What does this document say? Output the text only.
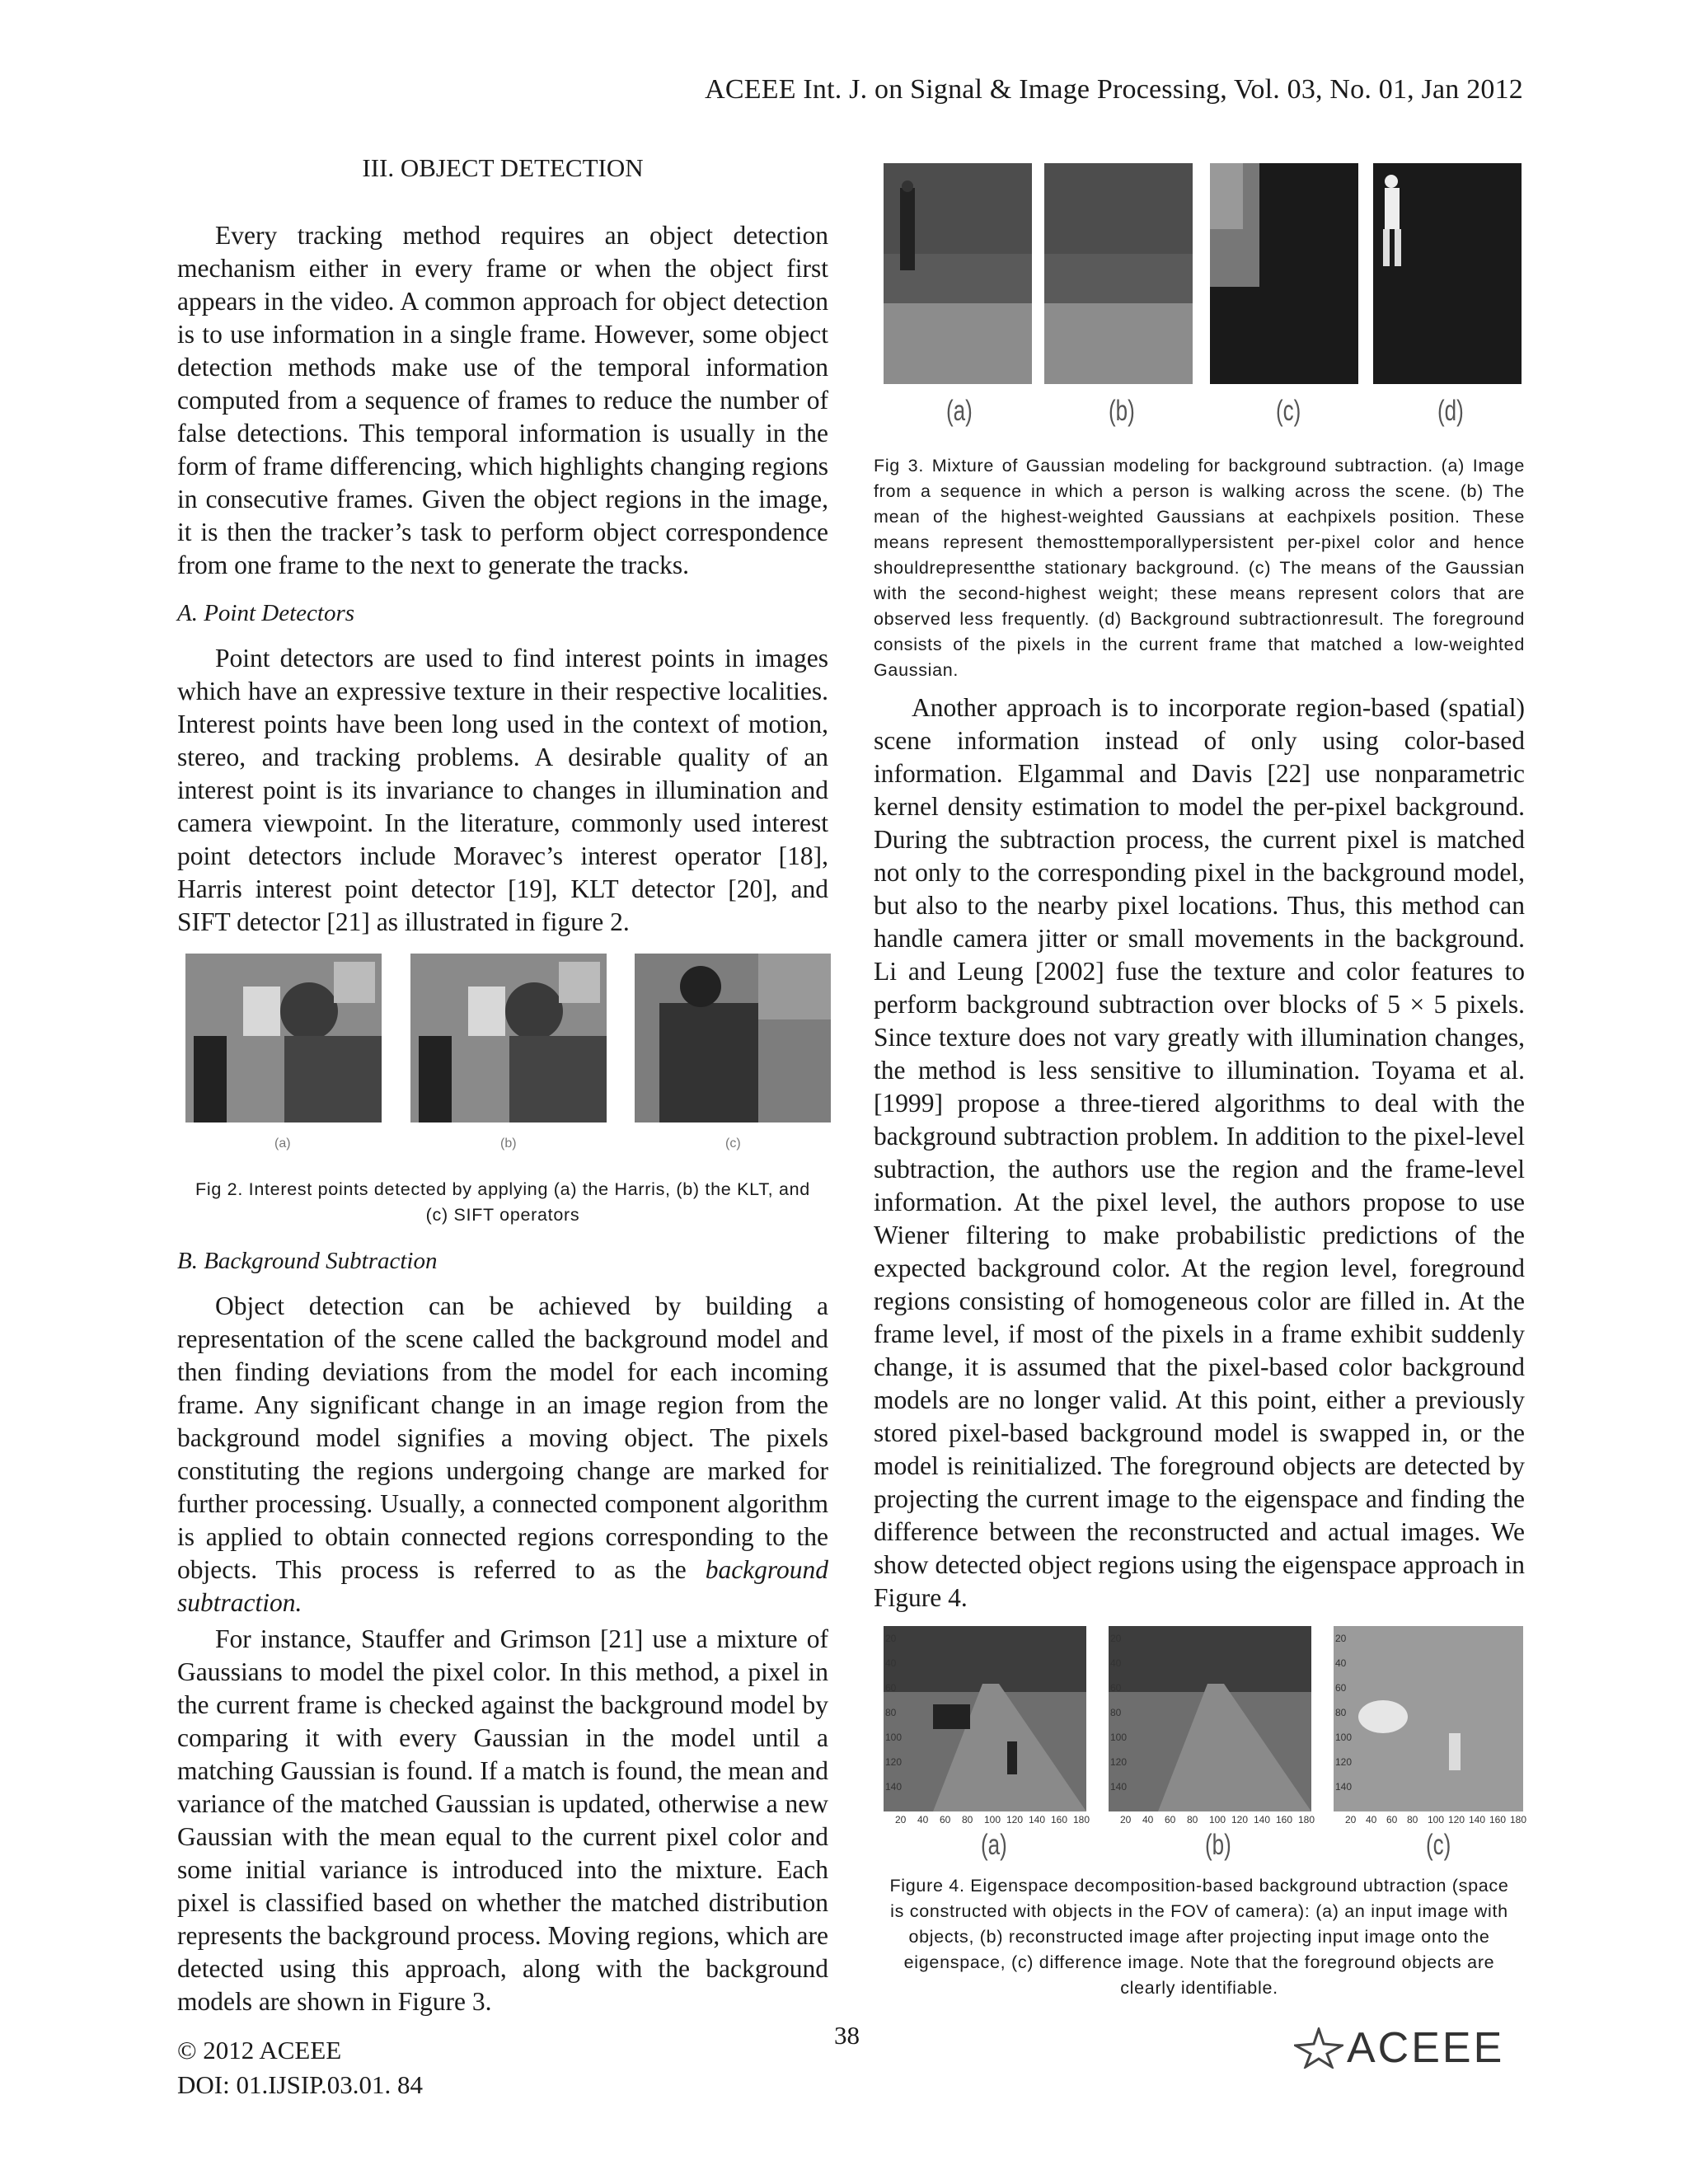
ACEEE Int. J. on Signal & Image Processing, Vol. 03, No. 01, Jan 2012
III. OBJECT DETECTION

Every tracking method requires an object detection mechanism either in every frame or when the object first appears in the video. A common approach for object detection is to use information in a single frame. However, some object detection methods make use of the temporal information computed from a sequence of frames to reduce the number of false detections. This temporal information is usually in the form of frame differencing, which highlights changing regions in consecutive frames. Given the object regions in the image, it is then the tracker’s task to perform object correspondence from one frame to the next to generate the tracks.

A. Point Detectors

Point detectors are used to find interest points in images which have an expressive texture in their respective localities. Interest points have been long used in the context of motion, stereo, and tracking problems. A desirable quality of an interest point is its invariance to changes in illumination and camera viewpoint. In the literature, commonly used interest point detectors include Moravec’s interest operator [18], Harris interest point detector [19], KLT detector [20], and SIFT detector [21] as illustrated in figure 2.

(a)	(b)	(c)

Fig 2. Interest points detected by applying (a) the Harris, (b) the KLT, and (c) SIFT operators

B. Background Subtraction

Object detection can be achieved by building a representation of the scene called the background model and then finding deviations from the model for each incoming frame. Any significant change in an image region from the background model signifies a moving object. The pixels constituting the regions undergoing change are marked for further processing. Usually, a connected component algorithm is applied to obtain connected regions corresponding to the objects. This process is referred to as the background subtraction.

For instance, Stauffer and Grimson [21] use a mixture of Gaussians to model the pixel color. In this method, a pixel in the current frame is checked against the background model by comparing it with every Gaussian in the model until a matching Gaussian is found. If a match is found, the mean and variance of the matched Gaussian is updated, otherwise a new Gaussian with the mean equal to the current pixel color and some initial variance is introduced into the mixture. Each pixel is classified based on whether the matched distribution represents the background process. Moving regions, which are detected using this approach, along with the background models are shown in Figure 3.

(a)	(b)	(c)	(d)

Fig 3. Mixture of Gaussian modeling for background subtraction. (a) Image from a sequence in which a person is walking across the scene. (b) The mean of the highest-weighted Gaussians at eachpixels position. These means represent themosttemporallypersistent per-pixel color and hence shouldrepresentthe stationary background. (c) The means of the Gaussian with the second-highest weight; these means represent colors that are observed less frequently. (d) Background subtractionresult. The foreground consists of the pixels in the current frame that matched a low-weighted Gaussian.

Another approach is to incorporate region-based (spatial) scene information instead of only using color-based information. Elgammal and Davis [22] use nonparametric kernel density estimation to model the per-pixel background. During the subtraction process, the current pixel is matched not only to the corresponding pixel in the background model, but also to the nearby pixel locations. Thus, this method can handle camera jitter or small movements in the background. Li and Leung [2002] fuse the texture and color features to perform background subtraction over blocks of 5 × 5 pixels. Since texture does not vary greatly with illumination changes, the method is less sensitive to illumination. Toyama et al. [1999] propose a three-tiered algorithms to deal with the background subtraction problem. In addition to the pixel-level subtraction, the authors use the region and the frame-level information. At the pixel level, the authors propose to use Wiener filtering to make probabilistic predictions of the expected background color. At the region level, foreground regions consisting of homogeneous color are filled in. At the frame level, if most of the pixels in a frame exhibit suddenly change, it is assumed that the pixel-based color background models are no longer valid. At this point, either a previously stored pixel-based background model is swapped in, or the model is reinitialized. The foreground objects are detected by projecting the current image to the eigenspace and finding the difference between the reconstructed and actual images. We show detected object regions using the eigenspace approach in Figure 4.

(a)	(b)	(c)
20
40
60
80
100
120
140
20 40 60 80 100 120 140 160 180
20
40
60
80
100
120
140
20 40 60 80 100 120 140 160 180
20
40
60
80
100
120
140
20 40 60 80 100 120 140 160 180

Figure 4. Eigenspace decomposition-based background ubtraction (space is constructed with objects in the FOV of camera): (a) an input image with objects, (b) reconstructed image after projecting input image onto the eigenspace, (c) difference image. Note that the foreground objects are clearly identifiable.

© 2012 ACEEE
DOI: 01.IJSIP.03.01. 84
38	ACEEE
